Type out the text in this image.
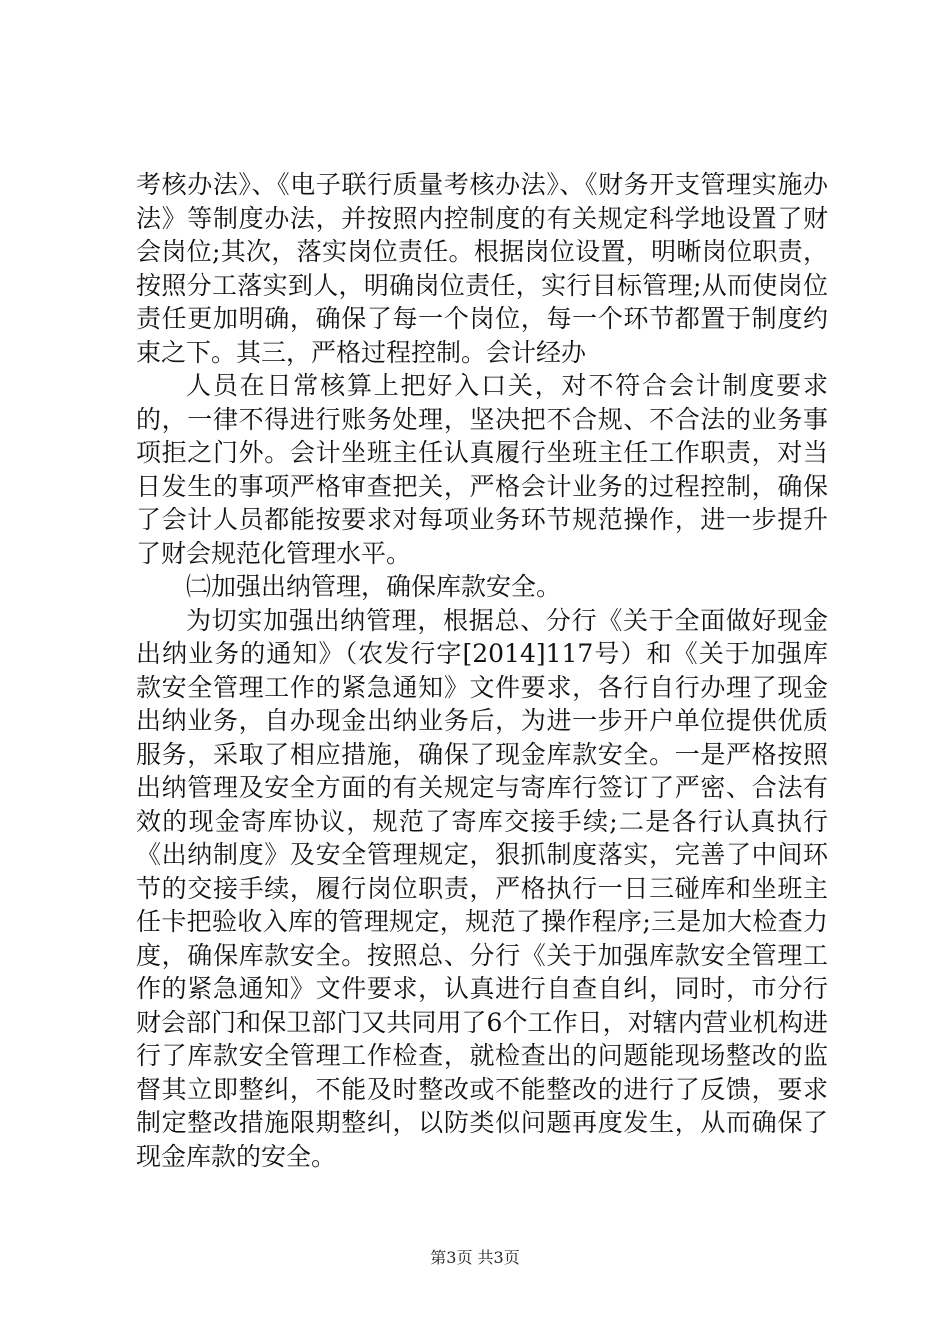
考核办法》、《电子联行质量考核办法》、《财务开支管理实施办法》等制度办法，并按照内控制度的有关规定科学地设置了财会岗位;其次，落实岗位责任。根据岗位设置，明晰岗位职责，按照分工落实到人，明确岗位责任，实行目标管理;从而使岗位责任更加明确，确保了每一个岗位，每一个环节都置于制度约束之下。其三，严格过程控制。会计经办

人员在日常核算上把好入口关，对不符合会计制度要求的，一律不得进行账务处理，坚决把不合规、不合法的业务事项拒之门外。会计坐班主任认真履行坐班主任工作职责，对当日发生的事项严格审查把关，严格会计业务的过程控制，确保了会计人员都能按要求对每项业务环节规范操作，进一步提升了财会规范化管理水平。

㈡加强出纳管理，确保库款安全。

为切实加强出纳管理，根据总、分行《关于全面做好现金出纳业务的通知》（农发行字[2014]117号）和《关于加强库款安全管理工作的紧急通知》文件要求，各行自行办理了现金出纳业务，自办现金出纳业务后，为进一步开户单位提供优质服务，采取了相应措施，确保了现金库款安全。一是严格按照出纳管理及安全方面的有关规定与寄库行签订了严密、合法有效的现金寄库协议，规范了寄库交接手续;二是各行认真执行《出纳制度》及安全管理规定，狠抓制度落实，完善了中间环节的交接手续，履行岗位职责，严格执行一日三碰库和坐班主任卡把验收入库的管理规定，规范了操作程序;三是加大检查力度，确保库款安全。按照总、分行《关于加强库款安全管理工作的紧急通知》文件要求，认真进行自查自纠，同时，市分行财会部门和保卫部门又共同用了6个工作日，对辖内营业机构进行了库款安全管理工作检查，就检查出的问题能现场整改的监督其立即整纠，不能及时整改或不能整改的进行了反馈，要求制定整改措施限期整纠，以防类似问题再度发生，从而确保了现金库款的安全。

第3页 共3页
